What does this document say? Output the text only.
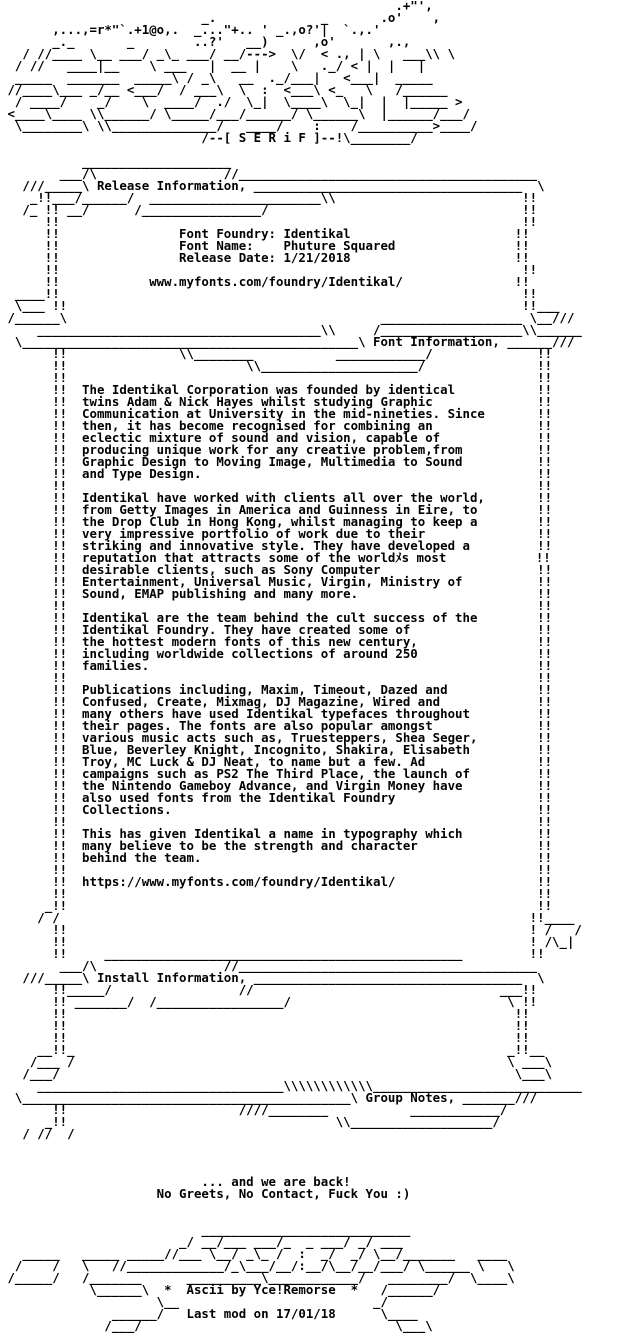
.+"',
_.              _       .o'    ,
,...,=r*"`.+1@o,.  _..."+.. ' _.,o?'|  `.,.'
_._       _        ..?'   __)      ,o'       ,.,
/ //____ \__ ___/ _\_ ___/ __/--->  \/  < ., | \   ___\\ \
/ //   ____|__    \ ___   |  __ |    \   ._/ < |  |   |
_____  _______  _____\ / _\   __  ._/___|   <___|  _____
//____\___ _/__ <___/  / ___\  \  :  <___\ <_   \   /______
/ ____/    _/    \  ____/  ./  \_|  \____\  \_|  |  |_____ >
<____\____ \\______/ \_____/___/______/ \______\  |______/___/
\________\ \\______________/   ____/    :    /__________>____/
/--[ S E R i F ]--!\________/
____________________
___/\                 //________________________________________
///_____\ Release Information, ____________________________________  \
_!!___/______/  _______________________\\                         !!
/_ !! __/      /________________/                                  !!
!!                                                              !!
!!                Font Foundry: Identikal                      !!
!!                Font Name:    Phuture Squared                !!
!!                Release Date: 1/21/2018                      !!
!!                                                              !!
!!            www.myfonts.com/foundry/Identikal/               !!
____!!                                                              !!
\___ !!                                                             !!___
/______\                                          ___________________ \__///
______________________________________\\     /___________________\\______
\_____________________________________________\ Font Information, ______///
!!               \\________           ____________/              !!
!!                        \\_____________________/               !!
!!                                                               !!
!!  The Identikal Corporation was founded by identical           !!
!!  twins Adam & Nick Hayes whilst studying Graphic              !!
!!  Communication at University in the mid-nineties. Since       !!
!!  then, it has become recognised for combining an              !!
!!  eclectic mixture of sound and vision, capable of             !!
!!  producing unique work for any creative problem,from          !!
!!  Graphic Design to Moving Image, Multimedia to Sound          !!
!!  and Type Design.                                             !!
!!                                                               !!
!!  Identikal have worked with clients all over the world,       !!
!!  from Getty Images in America and Guinness in Eire, to        !!
!!  the Drop Club in Hong Kong, whilst managing to keep a        !!
!!  very impressive portfolio of work due to their               !!
!!  striking and innovative style. They have developed a         !!
!!  reputation that attracts some of the worldﾒs most            !!
!!  desirable clients, such as Sony Computer                     !!
!!  Entertainment, Universal Music, Virgin, Ministry of          !!
!!  Sound, EMAP publishing and many more.                        !!
!!                                                               !!
!!  Identikal are the team behind the cult success of the        !!
!!  Identikal Foundry. They have created some of                 !!
!!  the hottest modern fonts of this new century,                !!
!!  including worldwide collections of around 250                !!
!!  families.                                                    !!
!!                                                               !!
!!  Publications including, Maxim, Timeout, Dazed and            !!
!!  Confused, Create, Mixmag, DJ Magazine, Wired and             !!
!!  many others have used Identikal typefaces throughout         !!
!!  their pages. The fonts are also popular amongst              !!
!!  various music acts such as, Truesteppers, Shea Seger,        !!
!!  Blue, Beverley Knight, Incognito, Shakira, Elisabeth         !!
!!  Troy, MC Luck & DJ Neat, to name but a few. Ad               !!
!!  campaigns such as PS2 The Third Place, the launch of         !!
!!  the Nintendo Gameboy Advance, and Virgin Money have          !!
!!  also used fonts from the Identikal Foundry                   !!
!!  Collections.                                                 !!
!!                                                               !!
!!  This has given Identikal a name in typography which          !!
!!  many believe to be the strength and character                !!
!!  behind the team.                                             !!
!!                                                               !!
!!  https://www.myfonts.com/foundry/Identikal/                   !!
!!                                                               !!
_!!                                                               !!
/ /                                                               !!____
!!                                                              ! /   /
!!                                                              ! /\_|
!!     ________________________________________________         !!
___/\                 //________________________________________
///_____\ Install Information, ____________________________________  \
!!_____/                 //                                 ___!!
!! _______/  /_________________/                             \ !!
!!                                                            !!
!!                                                            !!
!!                                                            !!
__!!_                                                          _!!__
/___ /                                                          \ ___\
/___/                                                             \___\
_________________________________\\\\\\\\\\\\____________________________
\____________________________________________\ Group Notes, _______///
!!                       ////________           ____________/
_!!                                    \\___________________/
/ //  /
... and we are back!
No Greets, No Contact, Fuck You :)
____________________________
_/ __/___ ___/_  _ ___/ _/ ___
_____   _____ _____//___ \__/ _\_ /  :  _/  _/ \__/_______   ____
/    /   \   //_____________/_\___/__/:__/\__/__/___/ \______ \   \
/_____/   /_______      __________\____________/   ________/  \____\
\______\  *  Ascii by Yce!Remorse  *   /______/
\__                          _/
______/   Last mod on 17/01/18      \____
/___/                                  \___\
